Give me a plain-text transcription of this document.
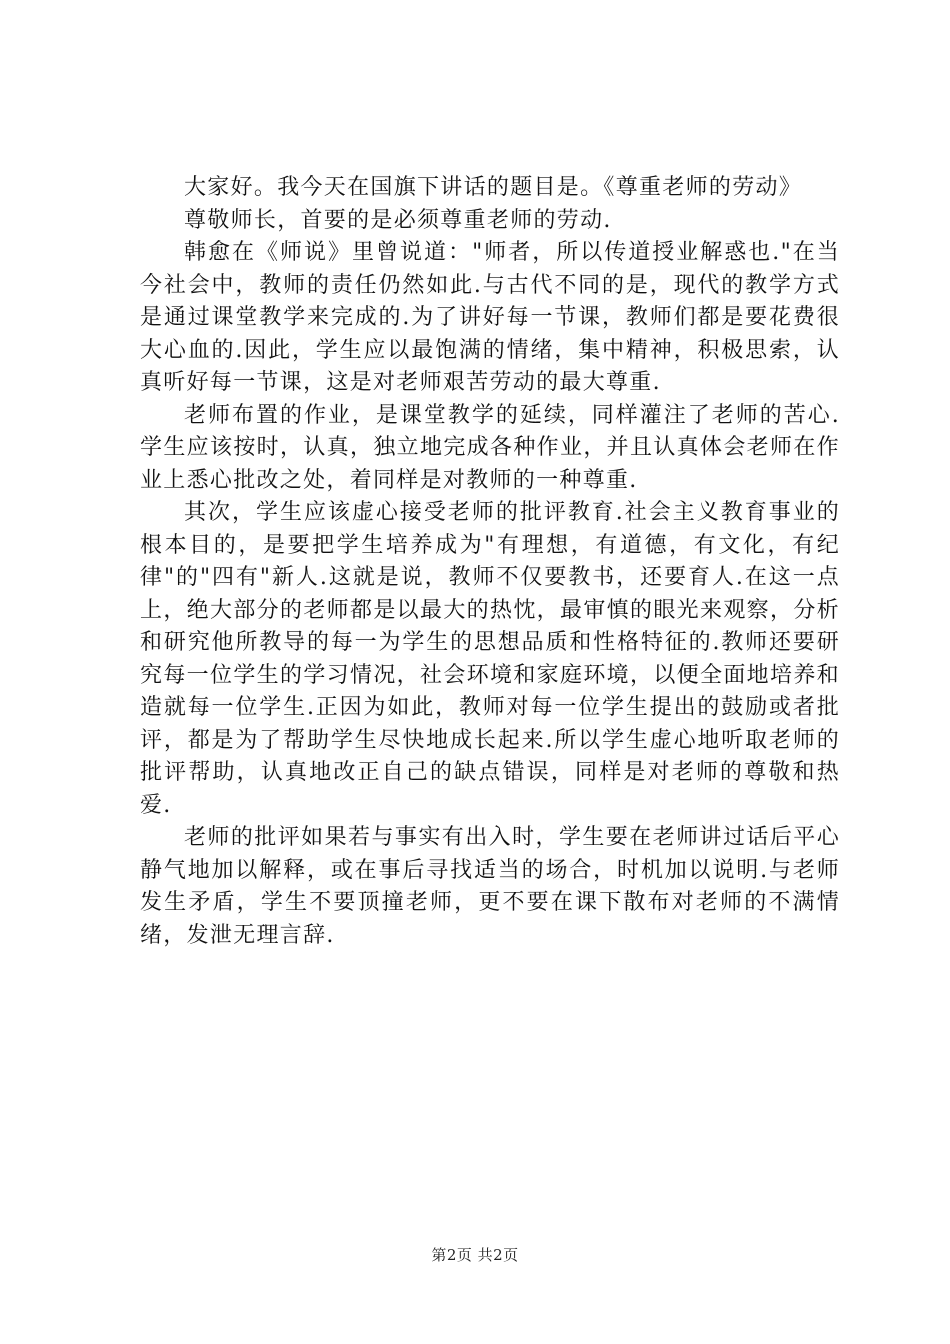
大家好。我今天在国旗下讲话的题目是。《尊重老师的劳动》

尊敬师长，首要的是必须尊重老师的劳动.

韩愈在《师说》里曾说道："师者，所以传道授业解惑也."在当今社会中，教师的责任仍然如此.与古代不同的是，现代的教学方式是通过课堂教学来完成的.为了讲好每一节课，教师们都是要花费很大心血的.因此，学生应以最饱满的情绪，集中精神，积极思索，认真听好每一节课，这是对老师艰苦劳动的最大尊重.

老师布置的作业，是课堂教学的延续，同样灌注了老师的苦心.学生应该按时，认真，独立地完成各种作业，并且认真体会老师在作业上悉心批改之处，着同样是对教师的一种尊重.

其次，学生应该虚心接受老师的批评教育.社会主义教育事业的根本目的，是要把学生培养成为"有理想，有道德，有文化，有纪律"的"四有"新人.这就是说，教师不仅要教书，还要育人.在这一点上，绝大部分的老师都是以最大的热忱，最审慎的眼光来观察，分析和研究他所教导的每一为学生的思想品质和性格特征的.教师还要研究每一位学生的学习情况，社会环境和家庭环境，以便全面地培养和造就每一位学生.正因为如此，教师对每一位学生提出的鼓励或者批评，都是为了帮助学生尽快地成长起来.所以学生虚心地听取老师的批评帮助，认真地改正自己的缺点错误，同样是对老师的尊敬和热爱.

老师的批评如果若与事实有出入时，学生要在老师讲过话后平心静气地加以解释，或在事后寻找适当的场合，时机加以说明.与老师发生矛盾，学生不要顶撞老师，更不要在课下散布对老师的不满情绪，发泄无理言辞.

第2页 共2页
